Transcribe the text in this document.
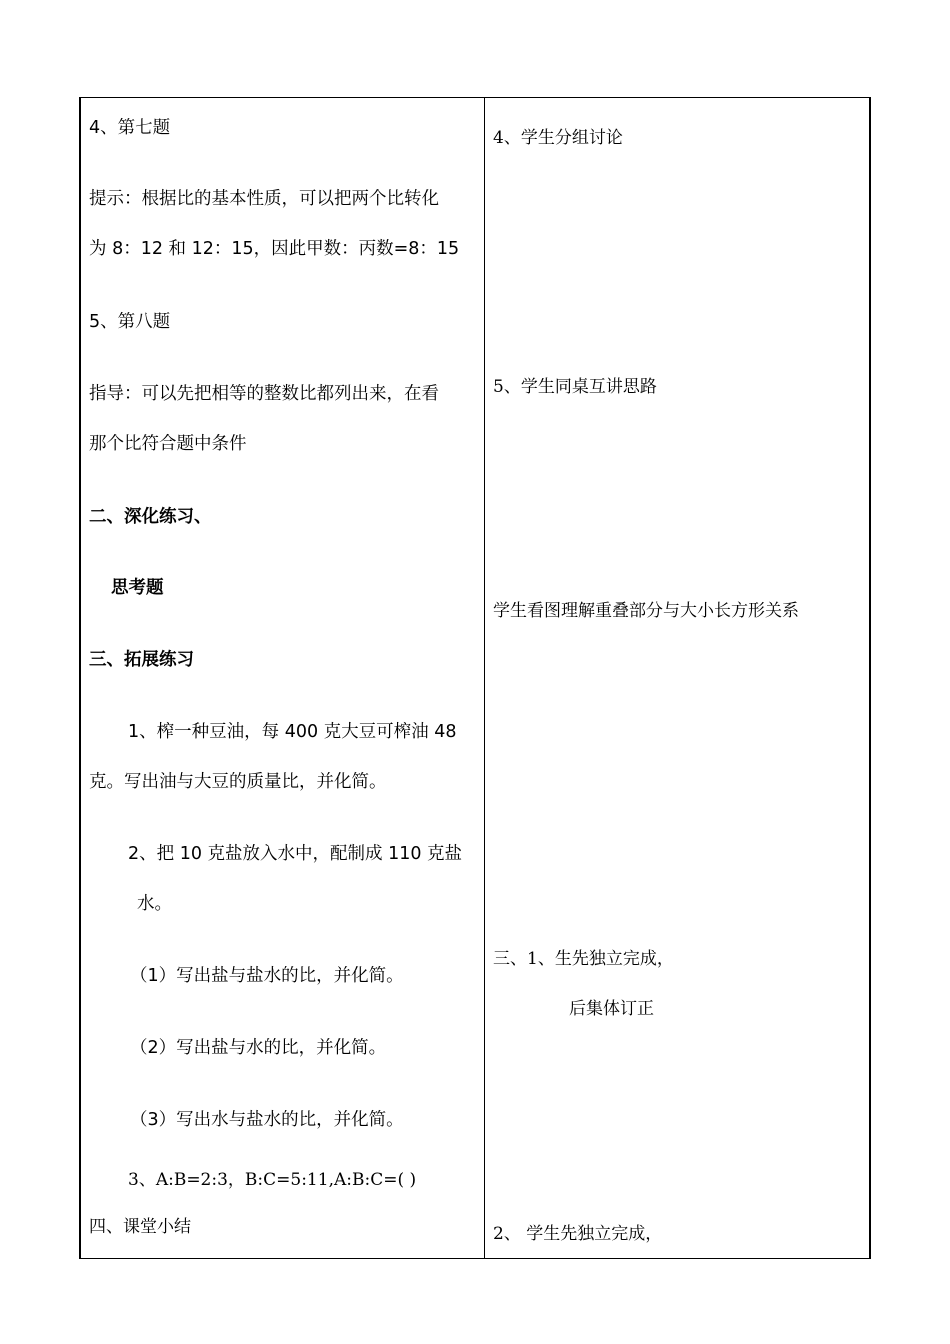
4、第七题
提示：根据比的基本性质，可以把两个比转化
为 8：12 和 12：15，因此甲数：丙数=8：15
5、第八题
指导：可以先把相等的整数比都列出来，在看
那个比符合题中条件
二、深化练习、
思考题
三、拓展练习
1、榨一种豆油，每 400 克大豆可榨油 48
克。写出油与大豆的质量比，并化简。
2、把 10 克盐放入水中，配制成 110 克盐
水。
（1）写出盐与盐水的比，并化简。
（2）写出盐与水的比，并化简。
（3）写出水与盐水的比，并化简。
3、A:B=2:3，B:C=5:11,A:B:C=( )
四、课堂小结
4、学生分组讨论
5、学生同桌互讲思路
学生看图理解重叠部分与大小长方形关系
三、1、生先独立完成，
后集体订正
2、 学生先独立完成，
